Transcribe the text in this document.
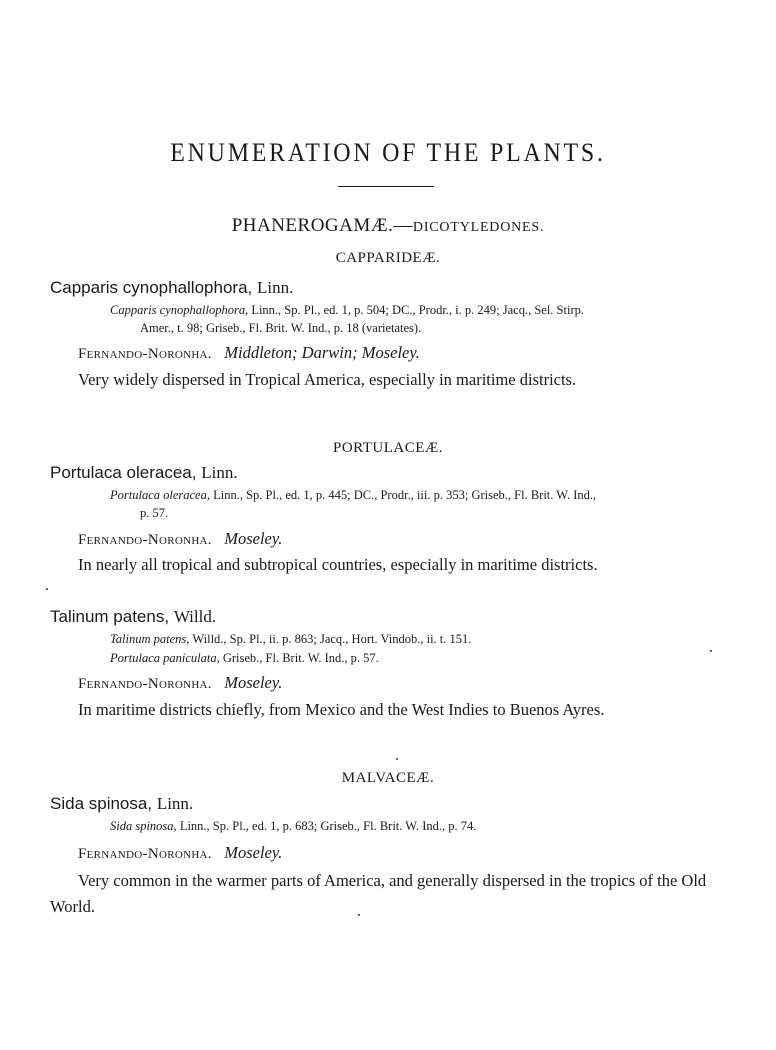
ENUMERATION OF THE PLANTS.
PHANEROGAMÆ.—DICOTYLEDONES.
CAPPARIDEÆ.
Capparis cynophallophora, Linn.
Capparis cynophallophora, Linn., Sp. Pl., ed. 1, p. 504; DC., Prodr., i. p. 249; Jacq., Sel. Stirp.
Amer., t. 98; Griseb., Fl. Brit. W. Ind., p. 18 (varietates).
Fernando-Noronha. Middleton; Darwin; Moseley.
Very widely dispersed in Tropical America, especially in maritime districts.
PORTULACEÆ.
Portulaca oleracea, Linn.
Portulaca oleracea, Linn., Sp. Pl., ed. 1, p. 445; DC., Prodr., iii. p. 353; Griseb., Fl. Brit. W. Ind.,
p. 57.
Fernando-Noronha. Moseley.
In nearly all tropical and subtropical countries, especially in maritime districts.
Talinum patens, Willd.
Talinum patens, Willd., Sp. Pl., ii. p. 863; Jacq., Hort. Vindob., ii. t. 151.
Portulaca paniculata, Griseb., Fl. Brit. W. Ind., p. 57.
Fernando-Noronha. Moseley.
In maritime districts chiefly, from Mexico and the West Indies to Buenos Ayres.
MALVACEÆ.
Sida spinosa, Linn.
Sida spinosa, Linn., Sp. Pl., ed. 1, p. 683; Griseb., Fl. Brit. W. Ind., p. 74.
Fernando-Noronha. Moseley.
Very common in the warmer parts of America, and generally dispersed in the tropics of the Old World.
